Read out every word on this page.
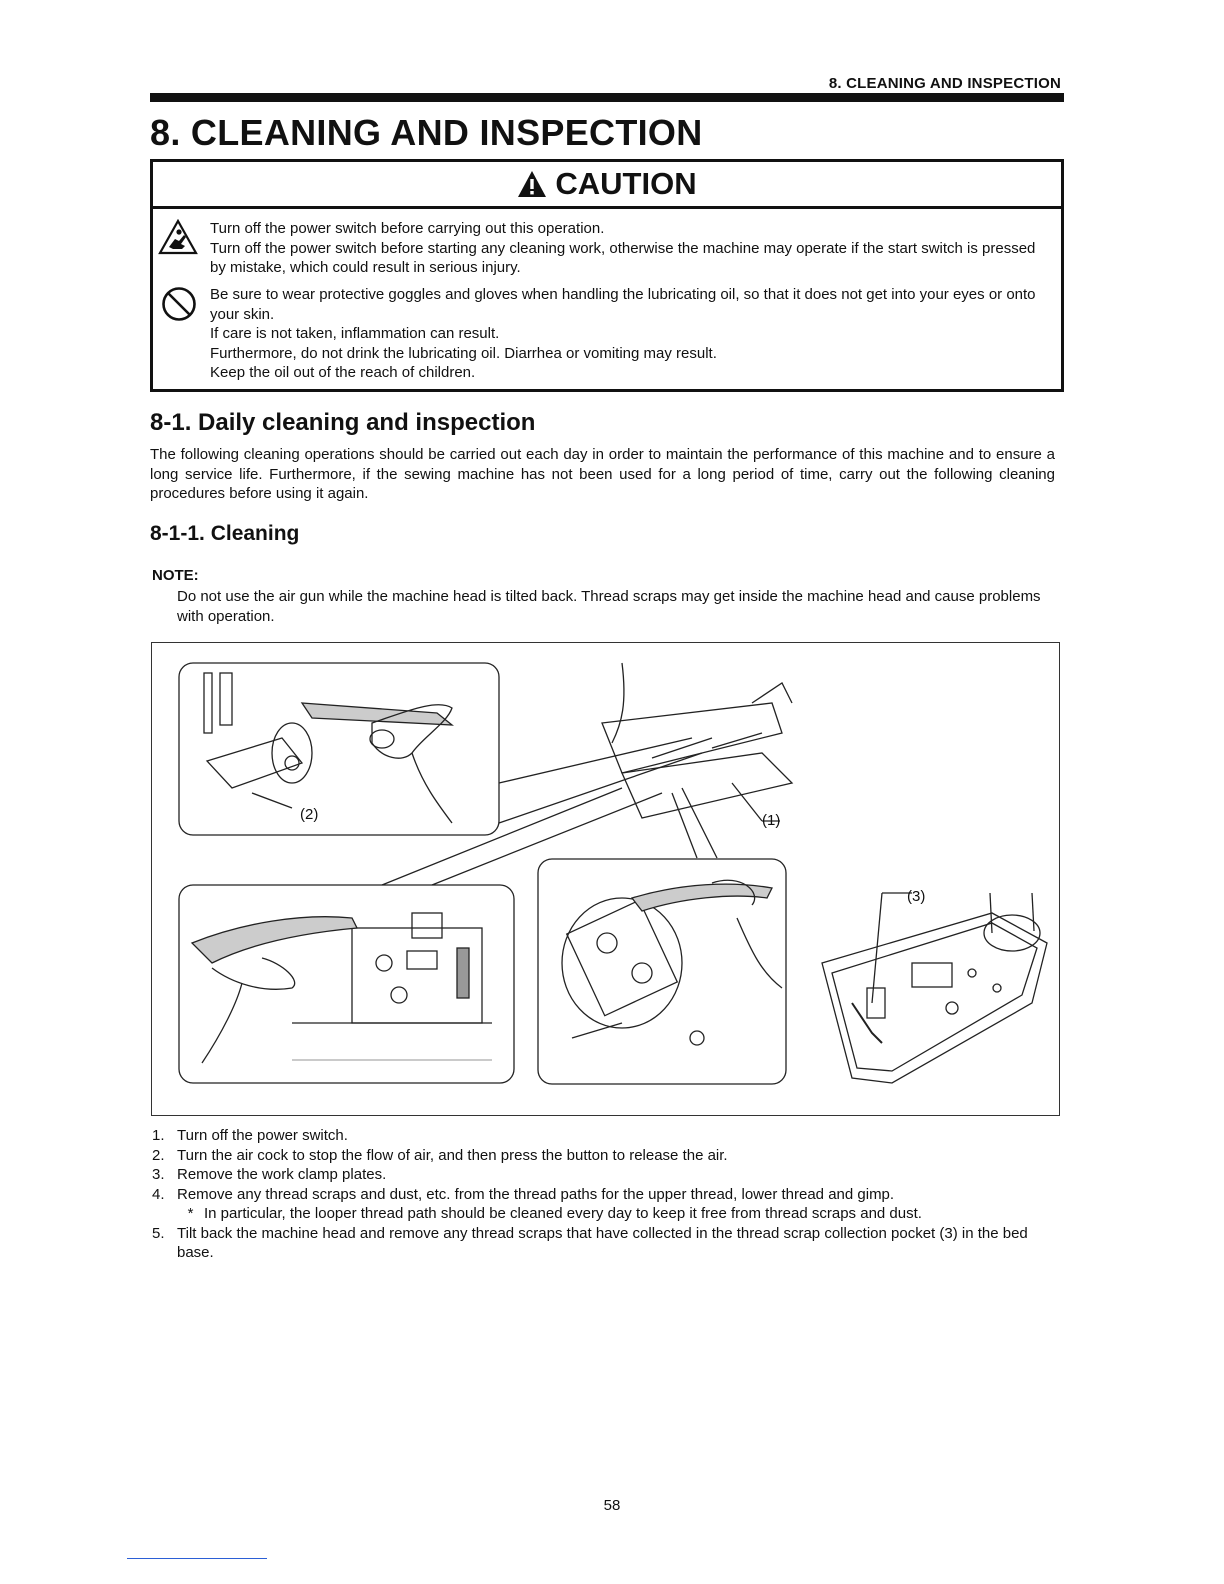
8. CLEANING AND INSPECTION
8. CLEANING AND INSPECTION
CAUTION
Turn off the power switch before carrying out this operation.
Turn off the power switch before starting any cleaning work, otherwise the machine may operate if the start switch is pressed by mistake, which could result in serious injury.
Be sure to wear protective goggles and gloves when handling the lubricating oil, so that it does not get into your eyes or onto your skin.
If care is not taken, inflammation can result.
Furthermore, do not drink the lubricating oil. Diarrhea or vomiting may result.
Keep the oil out of the reach of children.
8-1. Daily cleaning and inspection
The following cleaning operations should be carried out each day in order to maintain the performance of this machine and to ensure a long service life. Furthermore, if the sewing machine has not been used for a long period of time, carry out the following cleaning procedures before using it again.
8-1-1. Cleaning
NOTE:
Do not use the air gun while the machine head is tilted back. Thread scraps may get inside the machine head and cause problems with operation.
(2)	(1)
(3)
1. Turn off the power switch.
2. Turn the air cock to stop the flow of air, and then press the button to release the air.
3. Remove the work clamp plates.
4. Remove any thread scraps and dust, etc. from the thread paths for the upper thread, lower thread and gimp.
* In particular, the looper thread path should be cleaned every day to keep it free from thread scraps and dust.
5. Tilt back the machine head and remove any thread scraps that have collected in the thread scrap collection pocket (3) in the bed base.
58
